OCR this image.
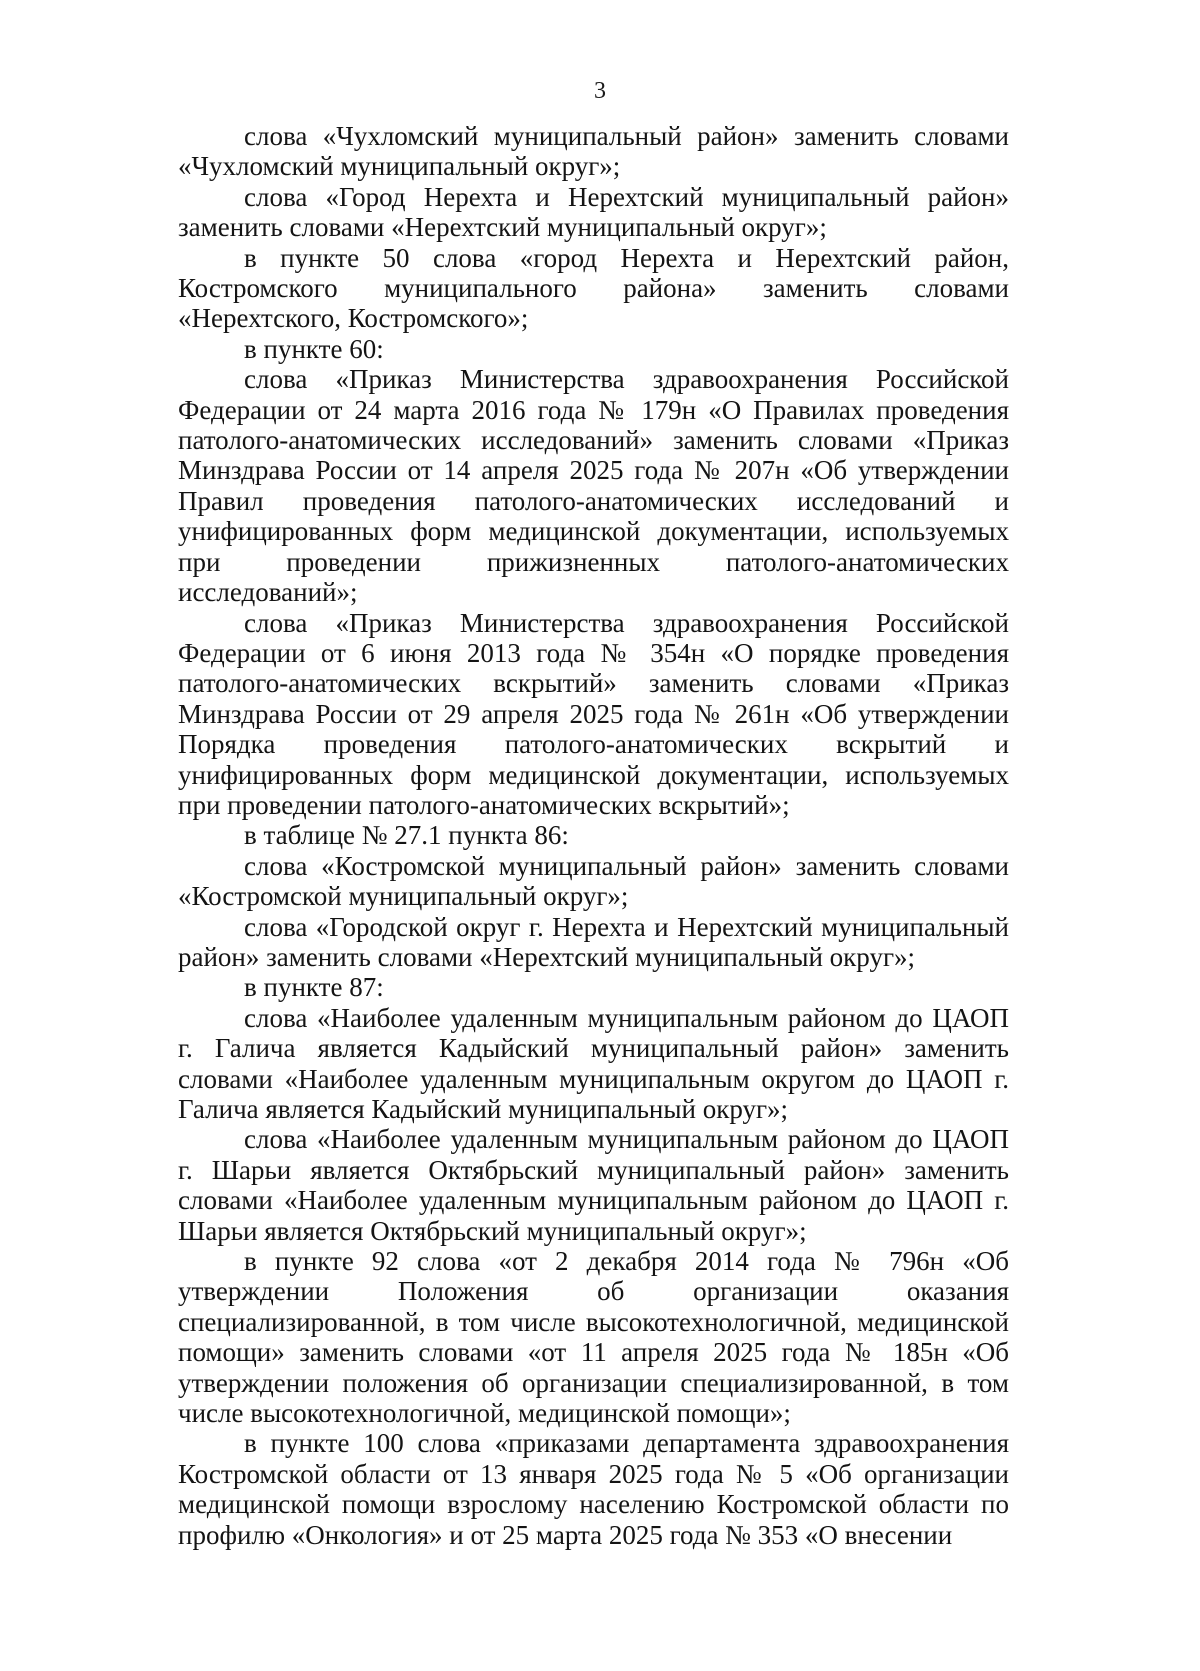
3

слова «Чухломский муниципальный район» заменить словами «Чухломский муниципальный округ»;

слова «Город Нерехта и Нерехтский муниципальный район» заменить словами «Нерехтский муниципальный округ»;

в пункте 50 слова «город Нерехта и Нерехтский район, Костромского муниципального района» заменить словами «Нерехтского, Костромского»;

в пункте 60:

слова «Приказ Министерства здравоохранения Российской Федерации от 24 марта 2016 года № 179н «О Правилах проведения патолого-анатомических исследований» заменить словами «Приказ Минздрава России от 14 апреля 2025 года № 207н «Об утверждении Правил проведения патолого-анатомических исследований и унифицированных форм медицинской документации, используемых при проведении прижизненных патолого-анатомических исследований»;

слова «Приказ Министерства здравоохранения Российской Федерации от 6 июня 2013 года № 354н «О порядке проведения патолого-анатомических вскрытий» заменить словами «Приказ Минздрава России от 29 апреля 2025 года № 261н «Об утверждении Порядка проведения патолого-анатомических вскрытий и унифицированных форм медицинской документации, используемых при проведении патолого-анатомических вскрытий»;

в таблице № 27.1 пункта 86:

слова «Костромской муниципальный район» заменить словами «Костромской муниципальный округ»;

слова «Городской округ г. Нерехта и Нерехтский муниципальный район» заменить словами «Нерехтский муниципальный округ»;

в пункте 87:

слова «Наиболее удаленным муниципальным районом до ЦАОП г. Галича является Кадыйский муниципальный район» заменить словами «Наиболее удаленным муниципальным округом до ЦАОП г. Галича является Кадыйский муниципальный округ»;

слова «Наиболее удаленным муниципальным районом до ЦАОП г. Шарьи является Октябрьский муниципальный район» заменить словами «Наиболее удаленным муниципальным районом до ЦАОП г. Шарьи является Октябрьский муниципальный округ»;

в пункте 92 слова «от 2 декабря 2014 года № 796н «Об утверждении Положения об организации оказания специализированной, в том числе высокотехнологичной, медицинской помощи» заменить словами «от 11 апреля 2025 года № 185н «Об утверждении положения об организации специализированной, в том числе высокотехнологичной, медицинской помощи»;

в пункте 100 слова «приказами департамента здравоохранения Костромской области от 13 января 2025 года № 5 «Об организации медицинской помощи взрослому населению Костромской области по профилю «Онкология» и от 25 марта 2025 года № 353 «О внесении
